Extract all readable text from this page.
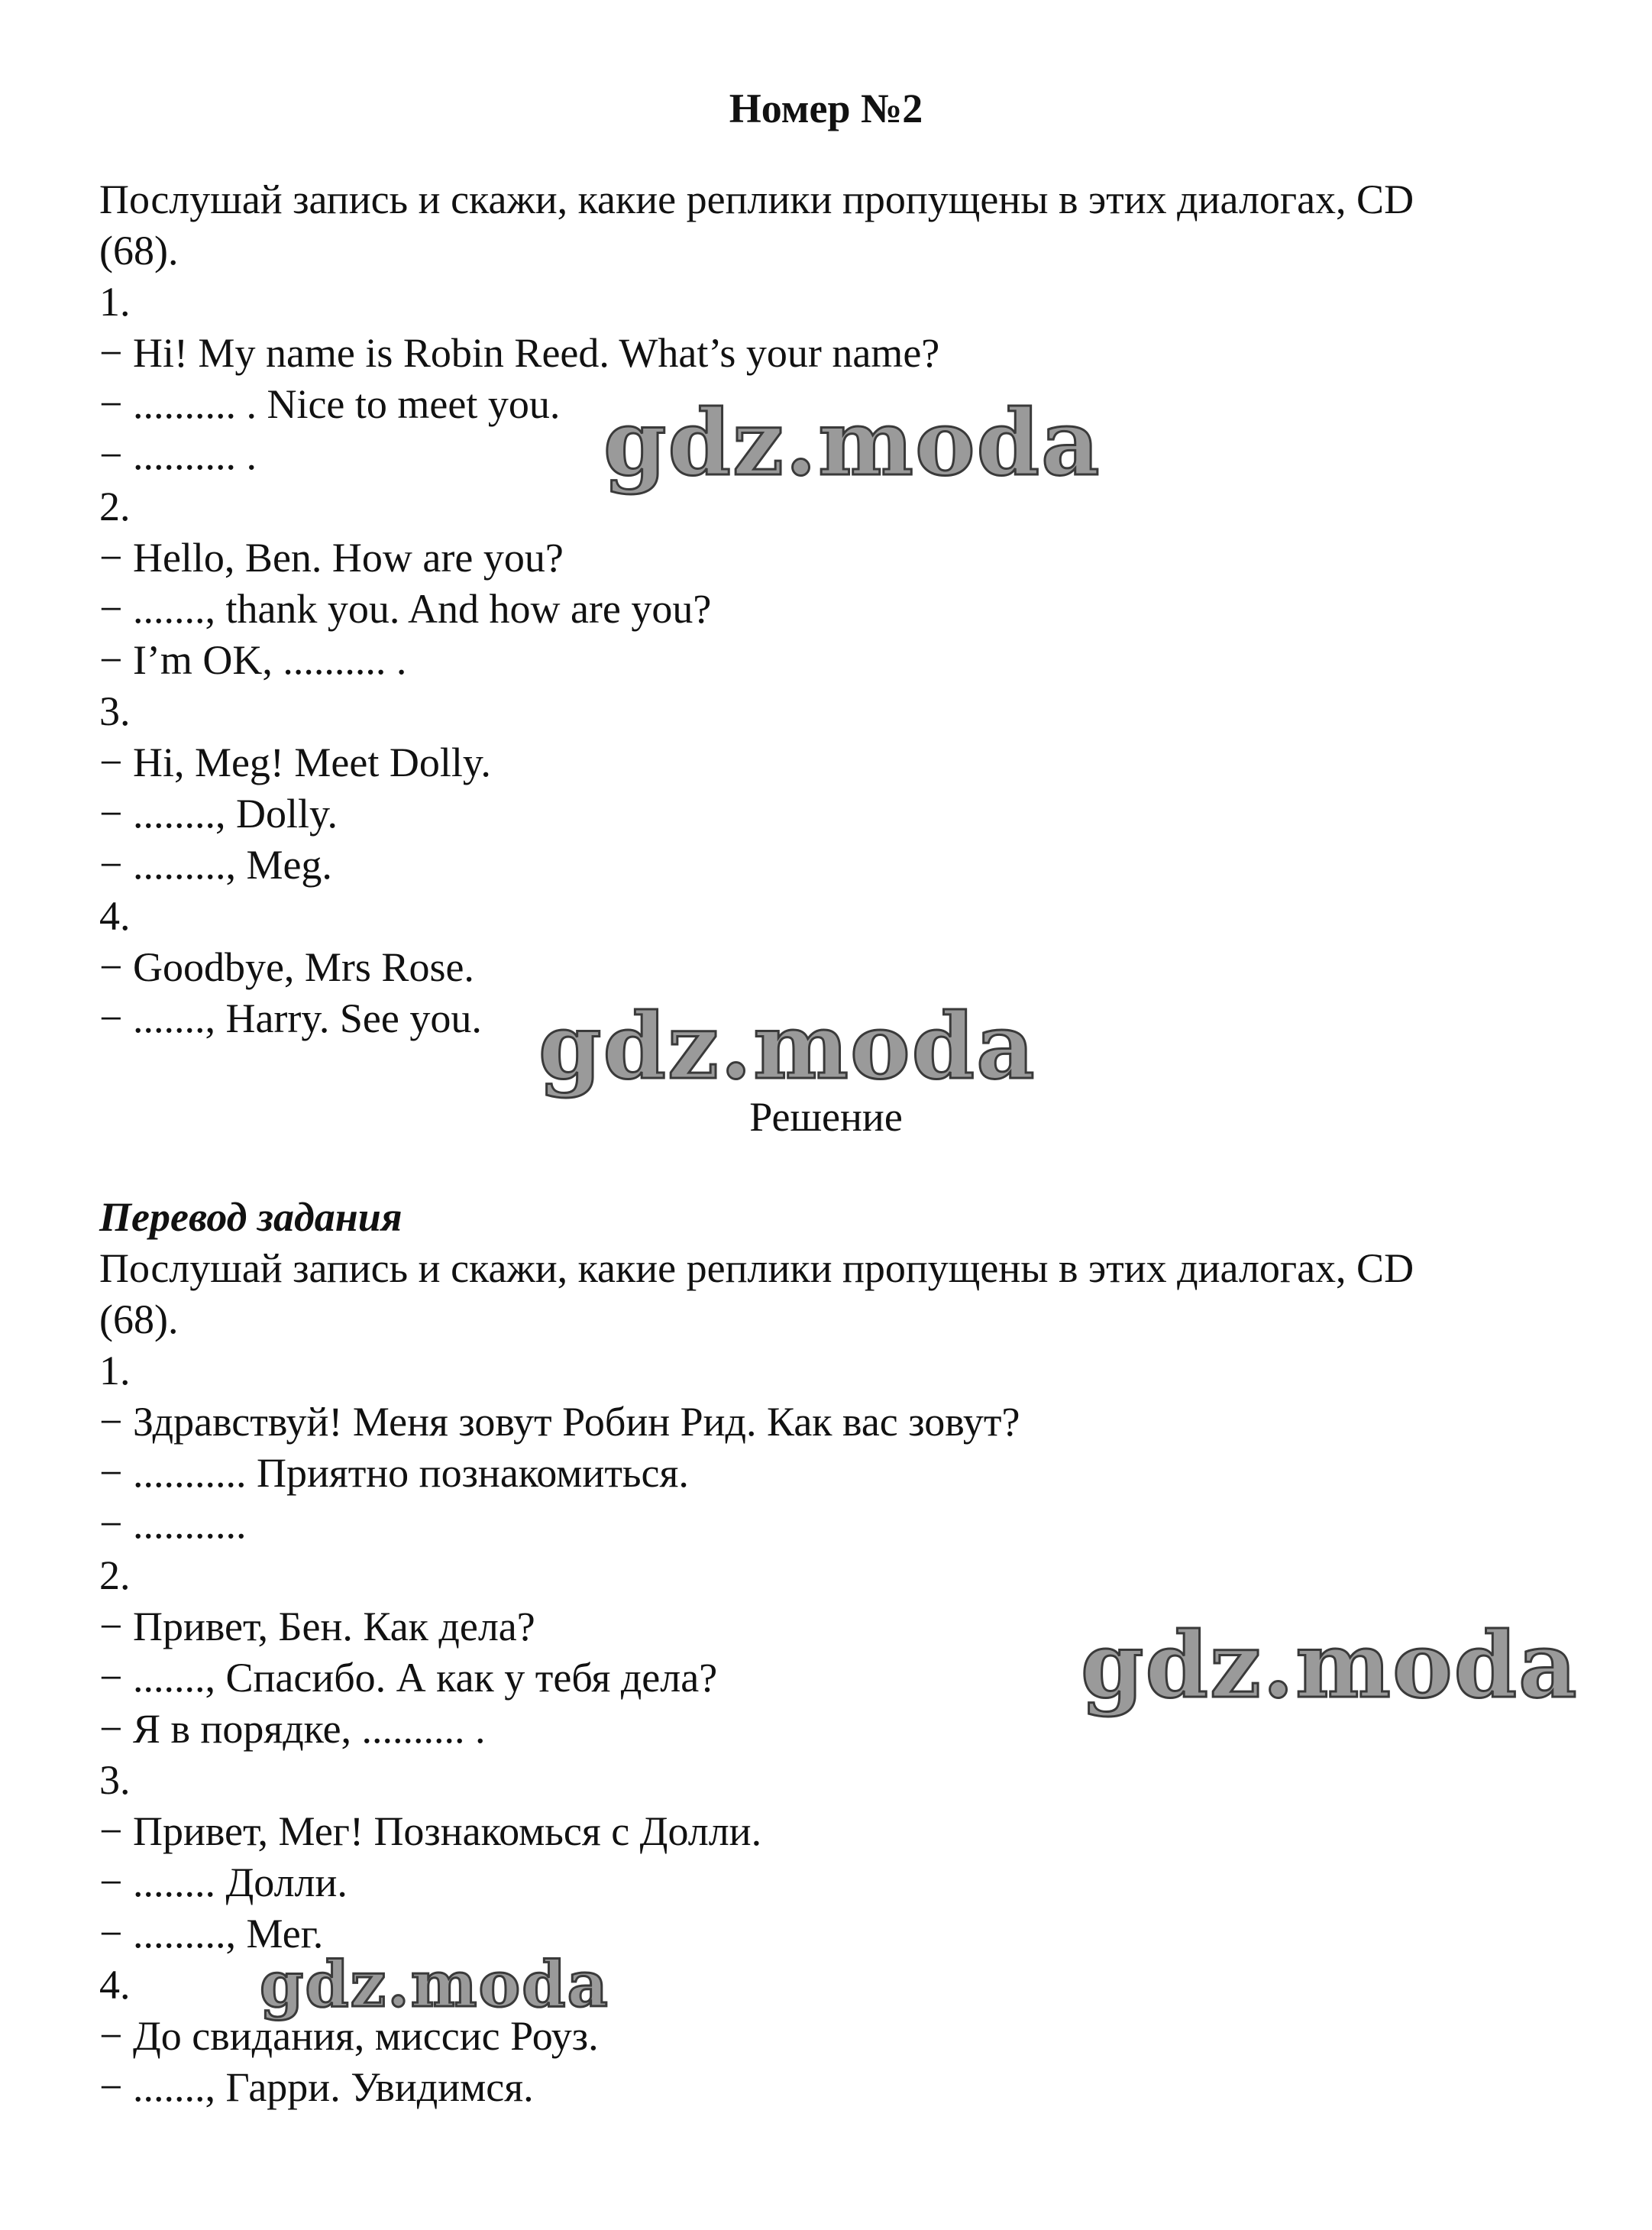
Номер №2

Послушай запись и скажи, какие реплики пропущены в этих диалогах, CD

(68).

1.

− Hi! My name is Robin Reed. What’s your name?

− .......... . Nice to meet you.

− .......... .

2.

− Hello, Ben. How are you?

− ......., thank you. And how are you?

− I’m OK, .......... .

3.

− Hi, Meg! Meet Dolly.

− ........, Dolly.

− ........., Meg.

4.

− Goodbye, Mrs Rose.

− ......., Harry. See you.

Решение

Перевод задания

Послушай запись и скажи, какие реплики пропущены в этих диалогах, CD

(68).

1.

− Здравствуй! Меня зовут Робин Рид. Как вас зовут?

− ........... Приятно познакомиться.

− ...........

2.

− Привет, Бен. Как дела?

− ......., Спасибо. А как у тебя дела?

− Я в порядке, .......... .

3.

− Привет, Мег! Познакомься с Долли.

− ........ Долли.

− ........., Мег.

4.

− До свидания, миссис Роуз.

− ......., Гарри. Увидимся.

gdz.moda
gdz.moda
gdz.moda
gdz.moda
